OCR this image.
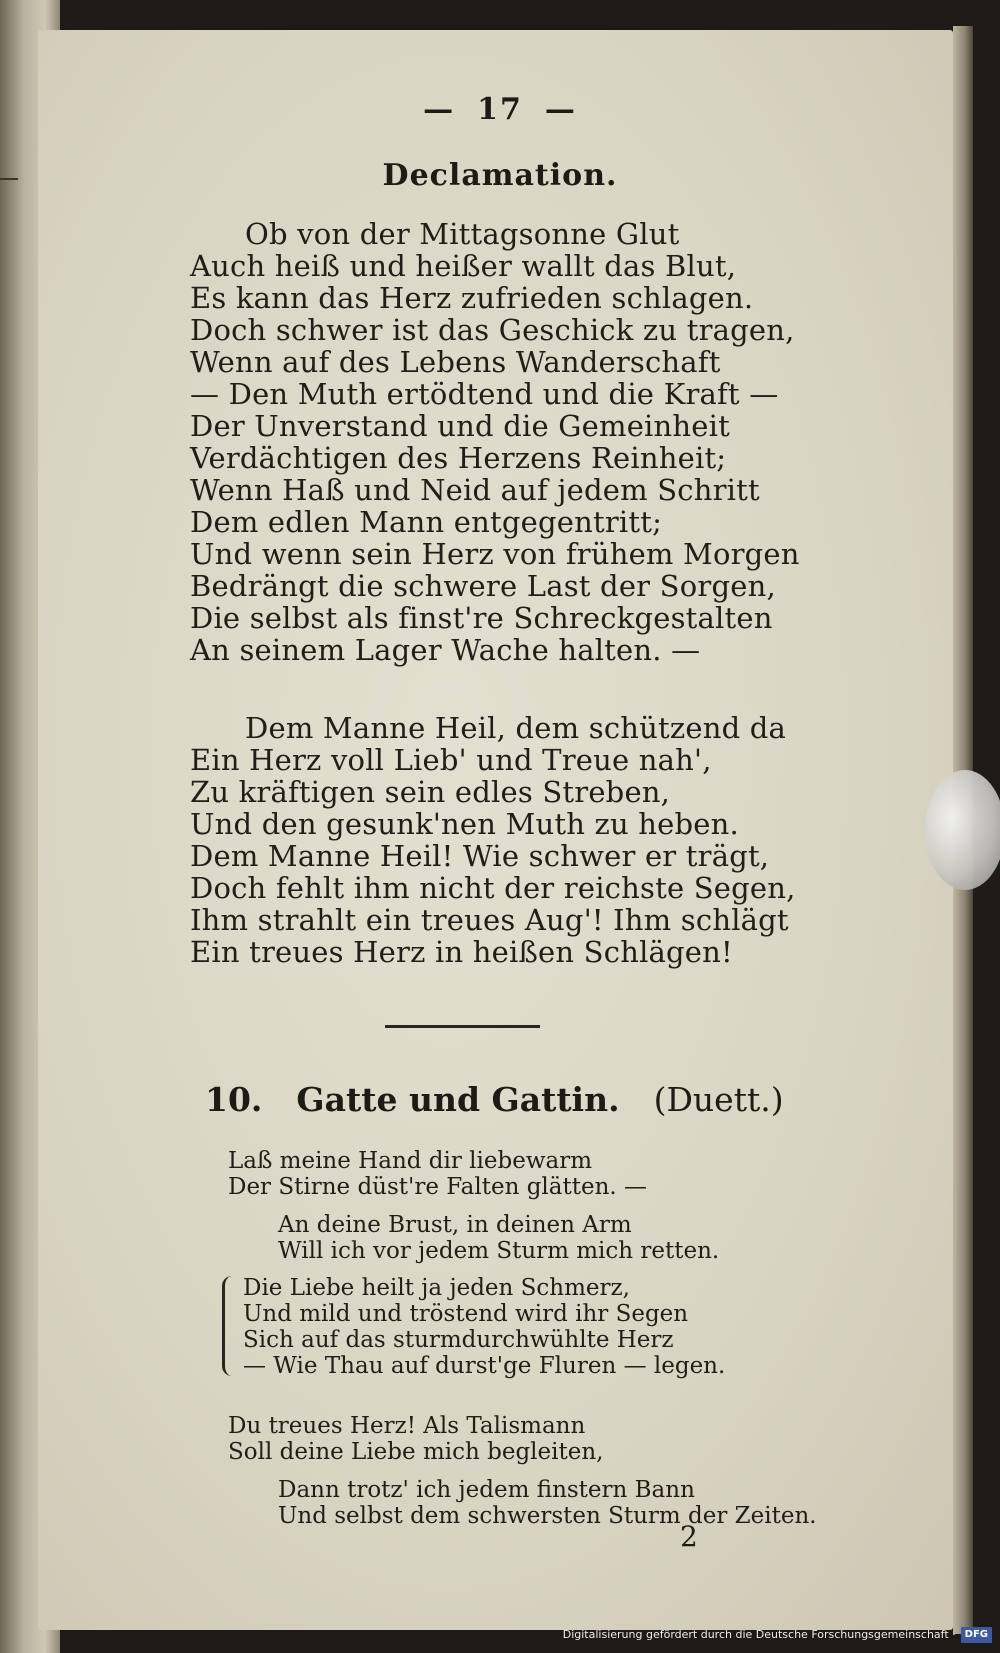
— 17 —
Declamation.
Ob von der Mittagsonne Glut
Auch heiß und heißer wallt das Blut,
Es kann das Herz zufrieden schlagen.
Doch schwer ist das Geschick zu tragen,
Wenn auf des Lebens Wanderschaft
— Den Muth ertödtend und die Kraft —
Der Unverstand und die Gemeinheit
Verdächtigen des Herzens Reinheit;
Wenn Haß und Neid auf jedem Schritt
Dem edlen Mann entgegentritt;
Und wenn sein Herz von frühem Morgen
Bedrängt die schwere Last der Sorgen,
Die selbst als finst're Schreckgestalten
An seinem Lager Wache halten. —
Dem Manne Heil, dem schützend da
Ein Herz voll Lieb' und Treue nah',
Zu kräftigen sein edles Streben,
Und den gesunk'nen Muth zu heben.
Dem Manne Heil! Wie schwer er trägt,
Doch fehlt ihm nicht der reichste Segen,
Ihm strahlt ein treues Aug'! Ihm schlägt
Ein treues Herz in heißen Schlägen!
10. Gatte und Gattin. (Duett.)
Laß meine Hand dir liebewarm
Der Stirne düst're Falten glätten. —
An deine Brust, in deinen Arm
Will ich vor jedem Sturm mich retten.
Die Liebe heilt ja jeden Schmerz,
Und mild und tröstend wird ihr Segen
Sich auf das sturmdurchwühlte Herz
— Wie Thau auf durst'ge Fluren — legen.
Du treues Herz! Als Talismann
Soll deine Liebe mich begleiten,
Dann trotz' ich jedem finstern Bann
Und selbst dem schwersten Sturm der Zeiten.
2
Digitalisierung gefördert durch die Deutsche Forschungsgemeinschaft · DFG
